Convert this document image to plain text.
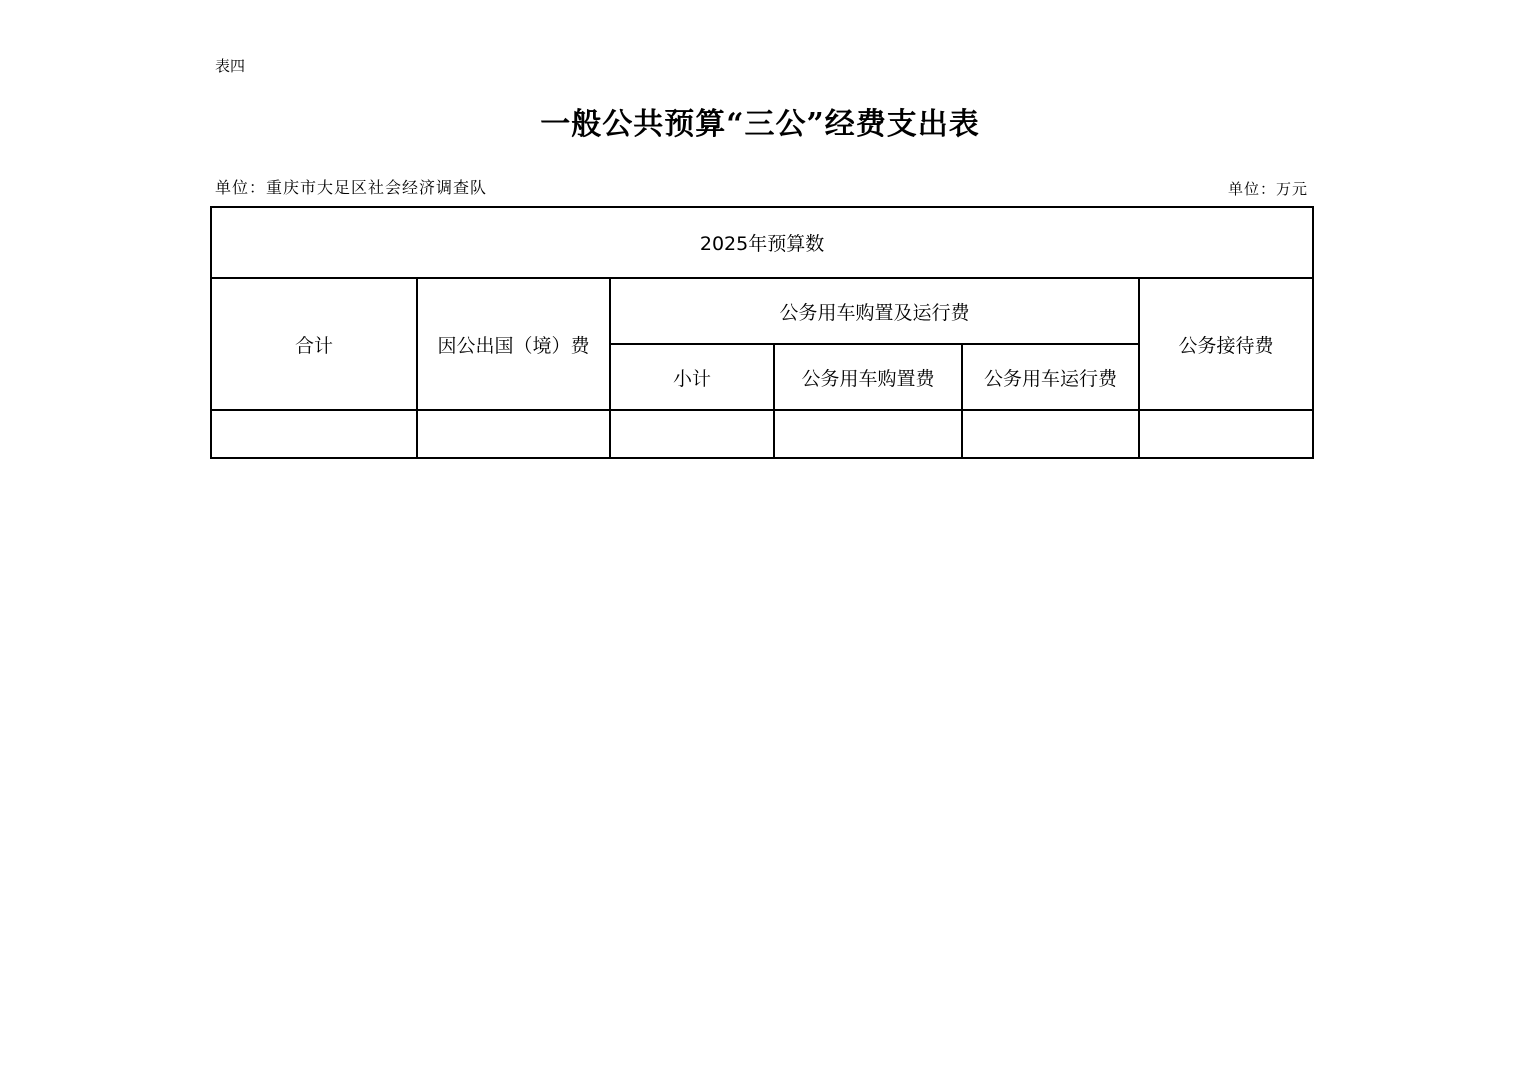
表四
一般公共预算“三公”经费支出表
单位：重庆市大足区社会经济调查队	单位：万元
2025年预算数					
合计	因公出国（境）费	公务用车购置及运行费			公务接待费
		小计	公务用车购置费	公务用车运行费	
